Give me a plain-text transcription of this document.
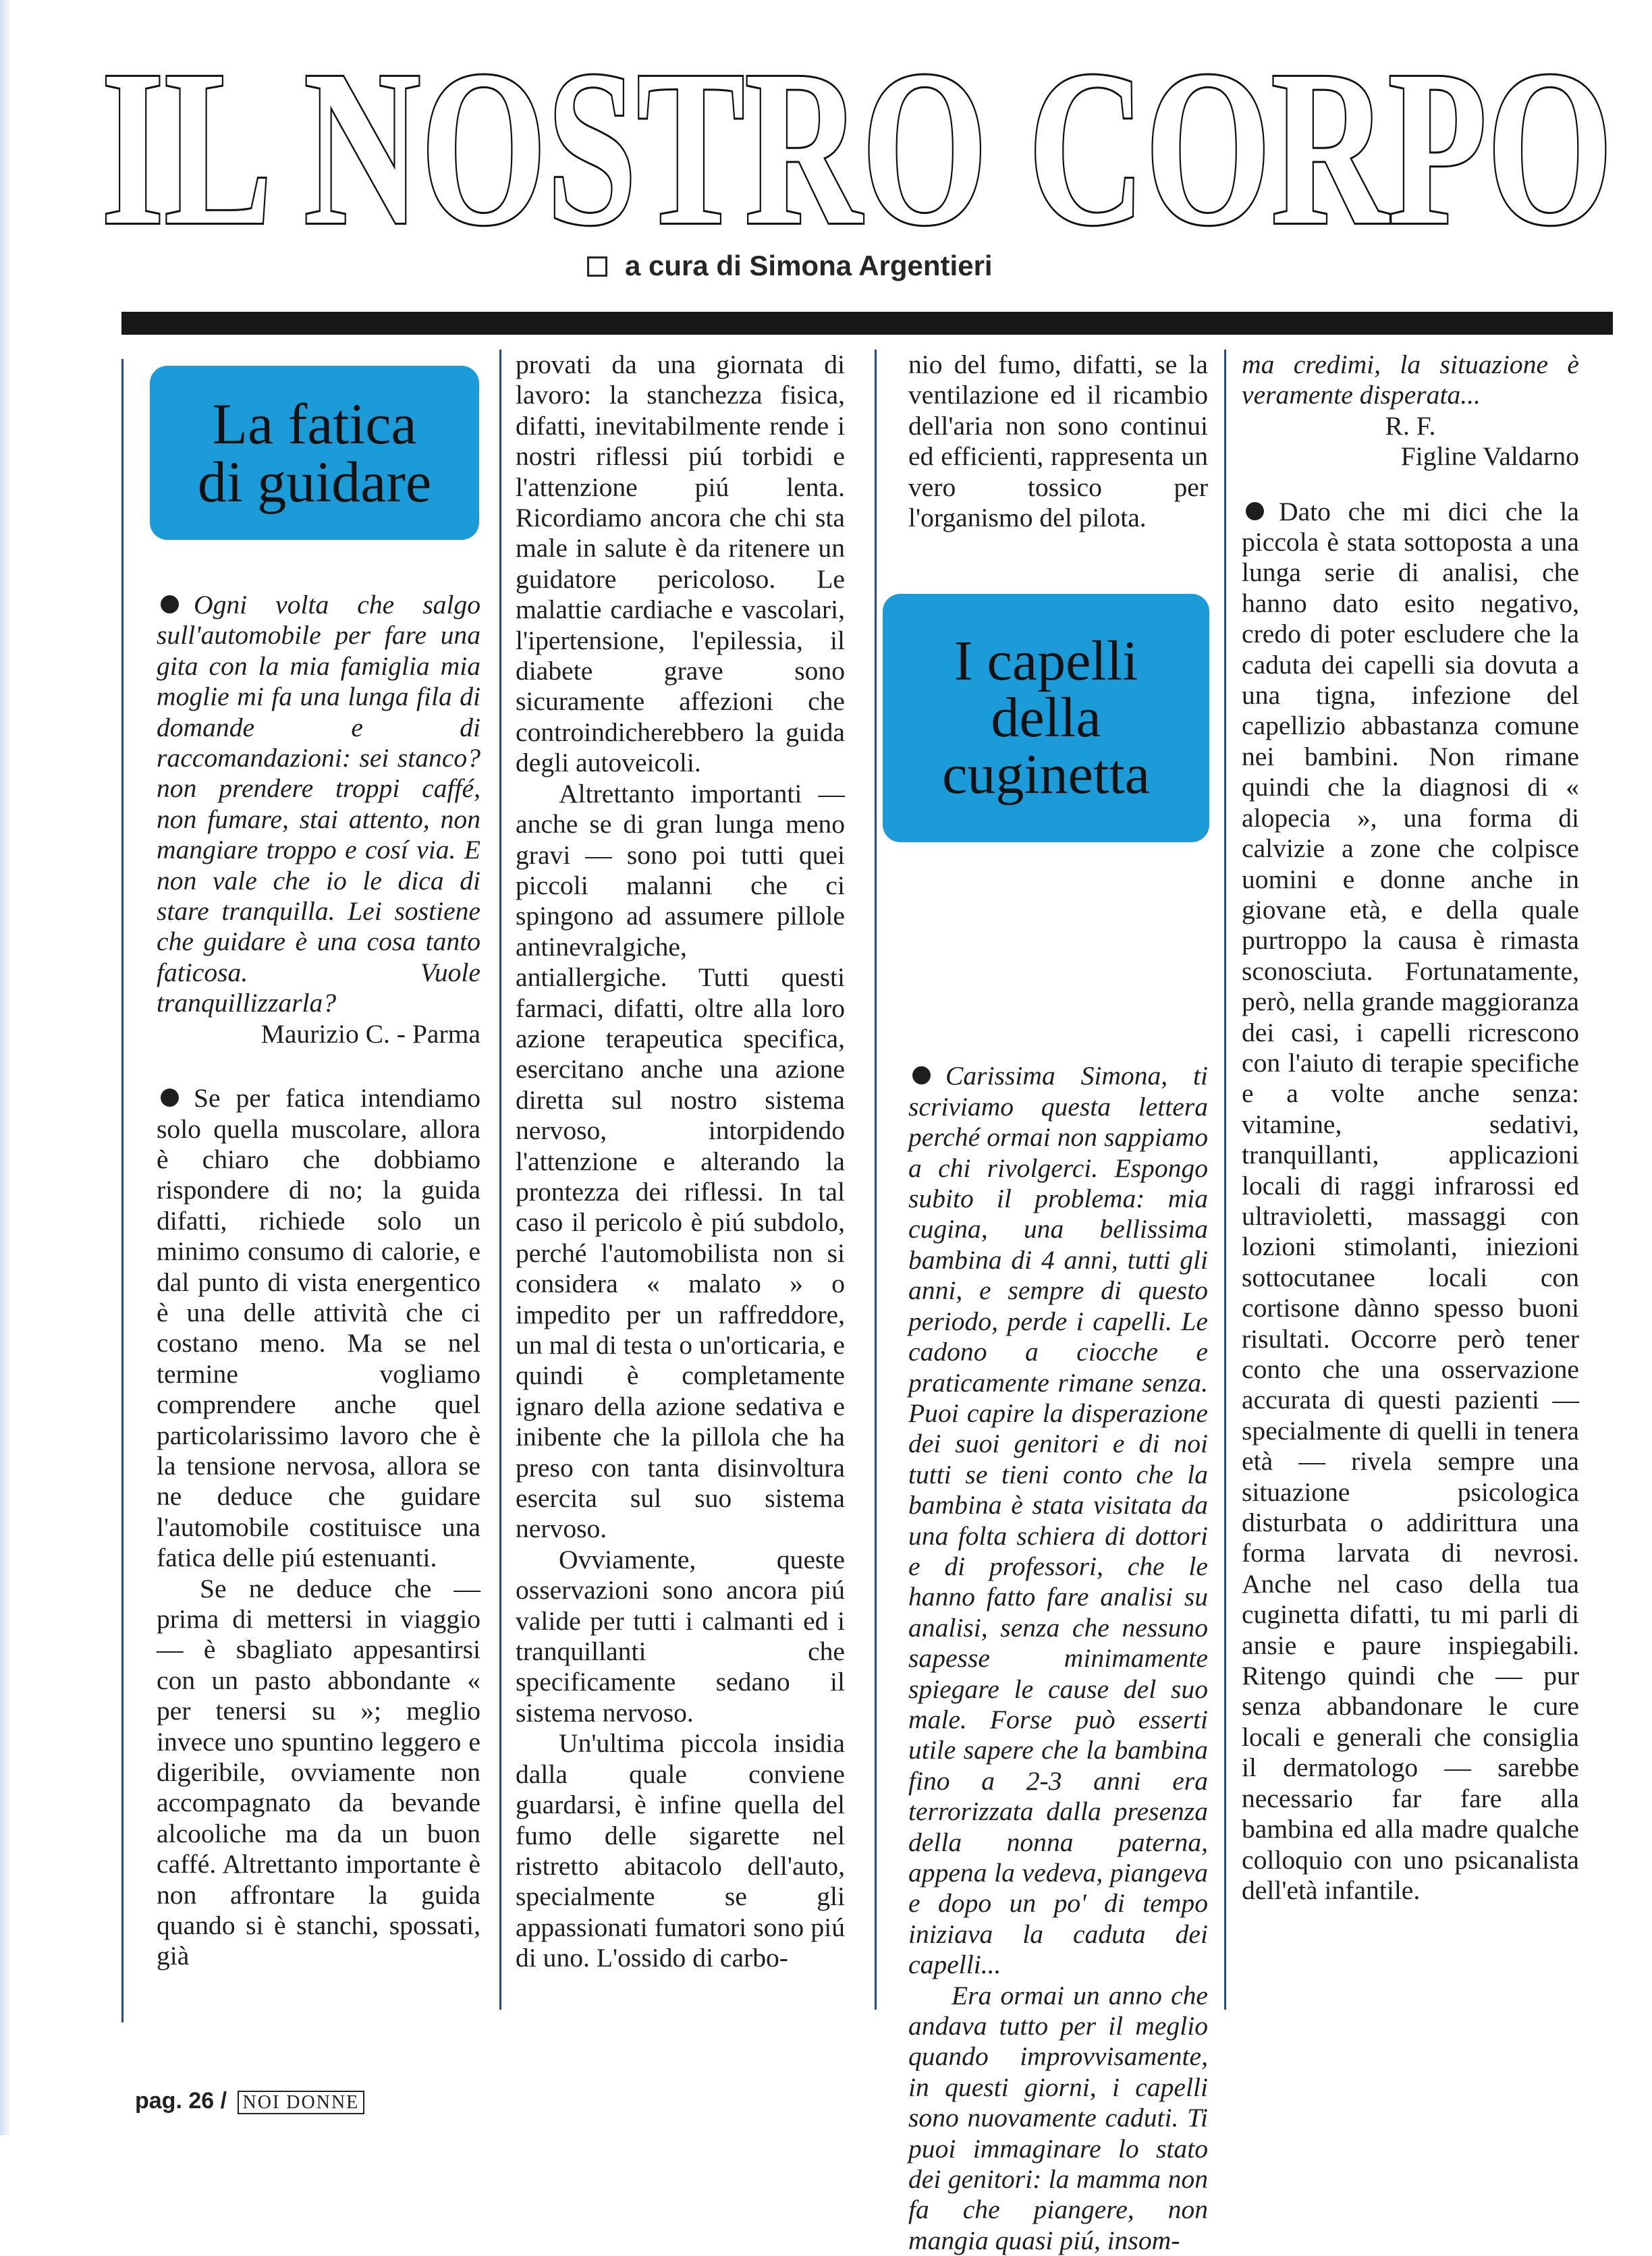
IL NOSTRO CORPO
a cura di Simona Argentieri
La fatica
di guidare
I capelli
della
cuginetta

Ogni volta che salgo sull'automobile per fare una gita con la mia famiglia mia moglie mi fa una lunga fila di domande e di raccomandazioni: sei stanco? non prendere troppi caffé, non fumare, stai attento, non mangiare troppo e cosí via. E non vale che io le dica di stare tranquilla. Lei sostiene che guidare è una cosa tanto faticosa. Vuole tranquillizzarla?

Maurizio C. - Parma

Se per fatica intendiamo solo quella muscolare, allora è chiaro che dobbiamo rispondere di no; la guida difatti, richiede solo un minimo consumo di calorie, e dal punto di vista energentico è una delle attività che ci costano meno. Ma se nel termine vogliamo comprendere anche quel particolarissimo lavoro che è la tensione nervosa, allora se ne deduce che guidare l'automobile costituisce una fatica delle piú estenuanti.

Se ne deduce che — prima di mettersi in viaggio — è sbagliato appesantirsi con un pasto abbondante « per tenersi su »; meglio invece uno spuntino leggero e digeribile, ovviamente non accompagnato da bevande alcooliche ma da un buon caffé. Altrettanto importante è non affrontare la guida quando si è stanchi, spossati, già

provati da una giornata di lavoro: la stanchezza fisica, difatti, inevitabilmente rende i nostri riflessi piú torbidi e l'attenzione piú lenta. Ricordiamo ancora che chi sta male in salute è da ritenere un guidatore pericoloso. Le malattie cardiache e vascolari, l'ipertensione, l'epilessia, il diabete grave sono sicuramente affezioni che controindicherebbero la guida degli autoveicoli.

Altrettanto importanti — anche se di gran lunga meno gravi — sono poi tutti quei piccoli malanni che ci spingono ad assumere pillole antinevralgiche, antiallergiche. Tutti questi farmaci, difatti, oltre alla loro azione terapeutica specifica, esercitano anche una azione diretta sul nostro sistema nervoso, intorpidendo l'attenzione e alterando la prontezza dei riflessi. In tal caso il pericolo è piú subdolo, perché l'automobilista non si considera « malato » o impedito per un raffreddore, un mal di testa o un'orticaria, e quindi è completamente ignaro della azione sedativa e inibente che la pillola che ha preso con tanta disinvoltura esercita sul suo sistema nervoso.

Ovviamente, queste osservazioni sono ancora piú valide per tutti i calmanti ed i tranquillanti che specificamente sedano il sistema nervoso.

Un'ultima piccola insidia dalla quale conviene guardarsi, è infine quella del fumo delle sigarette nel ristretto abitacolo dell'auto, specialmente se gli appassionati fumatori sono piú di uno. L'ossido di carbo-

nio del fumo, difatti, se la ventilazione ed il ricambio dell'aria non sono continui ed efficienti, rappresenta un vero tossico per l'organismo del pilota.

Carissima Simona, ti scriviamo questa lettera perché ormai non sappiamo a chi rivolgerci. Espongo subito il problema: mia cugina, una bellissima bambina di 4 anni, tutti gli anni, e sempre di questo periodo, perde i capelli. Le cadono a ciocche e praticamente rimane senza. Puoi capire la disperazione dei suoi genitori e di noi tutti se tieni conto che la bambina è stata visitata da una folta schiera di dottori e di professori, che le hanno fatto fare analisi su analisi, senza che nessuno sapesse minimamente spiegare le cause del suo male. Forse può esserti utile sapere che la bambina fino a 2-3 anni era terrorizzata dalla presenza della nonna paterna, appena la vedeva, piangeva e dopo un po' di tempo iniziava la caduta dei capelli...

Era ormai un anno che andava tutto per il meglio quando improvvisamente, in questi giorni, i capelli sono nuovamente caduti. Ti puoi immaginare lo stato dei genitori: la mamma non fa che piangere, non mangia quasi piú, insom-

ma credimi, la situazione è veramente disperata...

R. F.

Figline Valdarno

Dato che mi dici che la piccola è stata sottoposta a una lunga serie di analisi, che hanno dato esito negativo, credo di poter escludere che la caduta dei capelli sia dovuta a una tigna, infezione del capellizio abbastanza comune nei bambini. Non rimane quindi che la diagnosi di « alopecia », una forma di calvizie a zone che colpisce uomini e donne anche in giovane età, e della quale purtroppo la causa è rimasta sconosciuta. Fortunatamente, però, nella grande maggioranza dei casi, i capelli ricrescono con l'aiuto di terapie specifiche e a volte anche senza: vitamine, sedativi, tranquillanti, applicazioni locali di raggi infrarossi ed ultravioletti, massaggi con lozioni stimolanti, iniezioni sottocutanee locali con cortisone dànno spesso buoni risultati. Occorre però tener conto che una osservazione accurata di questi pazienti — specialmente di quelli in tenera età — rivela sempre una situazione psicologica disturbata o addirittura una forma larvata di nevrosi. Anche nel caso della tua cuginetta difatti, tu mi parli di ansie e paure inspiegabili. Ritengo quindi che — pur senza abbandonare le cure locali e generali che consiglia il dermatologo — sarebbe necessario far fare alla bambina ed alla madre qualche colloquio con uno psicanalista dell'età infantile.

pag. 26 / NOI DONNE
